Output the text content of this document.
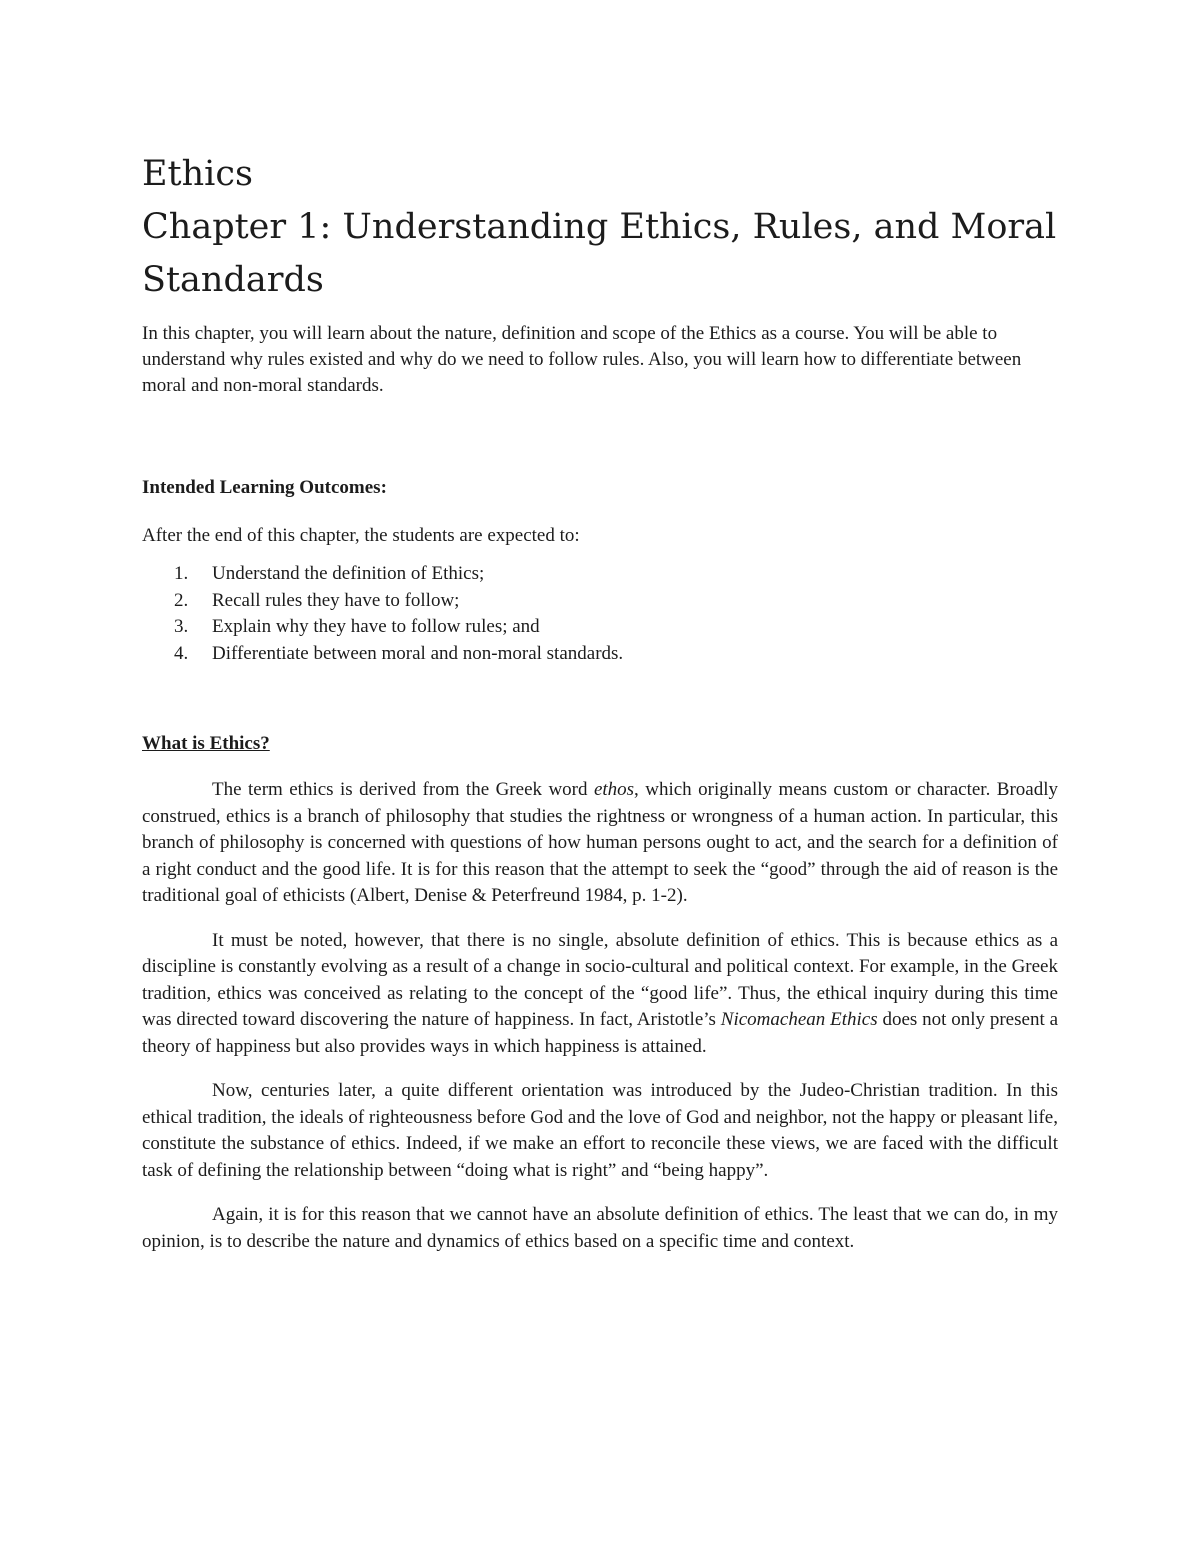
Ethics
Chapter 1: Understanding Ethics, Rules, and Moral Standards

In this chapter, you will learn about the nature, definition and scope of the Ethics as a course. You will be able to understand why rules existed and why do we need to follow rules. Also, you will learn how to differentiate between moral and non-moral standards.

Intended Learning Outcomes:

After the end of this chapter, the students are expected to:

1.	Understand the definition of Ethics;
2.	Recall rules they have to follow;
3.	Explain why they have to follow rules; and
4.	Differentiate between moral and non-moral standards.
What is Ethics?

The term ethics is derived from the Greek word ethos, which originally means custom or character. Broadly construed, ethics is a branch of philosophy that studies the rightness or wrongness of a human action. In particular, this branch of philosophy is concerned with questions of how human persons ought to act, and the search for a definition of a right conduct and the good life. It is for this reason that the attempt to seek the “good” through the aid of reason is the traditional goal of ethicists (Albert, Denise & Peterfreund 1984, p. 1-2).

It must be noted, however, that there is no single, absolute definition of ethics. This is because ethics as a discipline is constantly evolving as a result of a change in socio-cultural and political context. For example, in the Greek tradition, ethics was conceived as relating to the concept of the “good life”. Thus, the ethical inquiry during this time was directed toward discovering the nature of happiness. In fact, Aristotle’s Nicomachean Ethics does not only present a theory of happiness but also provides ways in which happiness is attained.

Now, centuries later, a quite different orientation was introduced by the Judeo-Christian tradition. In this ethical tradition, the ideals of righteousness before God and the love of God and neighbor, not the happy or pleasant life, constitute the substance of ethics. Indeed, if we make an effort to reconcile these views, we are faced with the difficult task of defining the relationship between “doing what is right” and “being happy”.

Again, it is for this reason that we cannot have an absolute definition of ethics. The least that we can do, in my opinion, is to describe the nature and dynamics of ethics based on a specific time and context.
